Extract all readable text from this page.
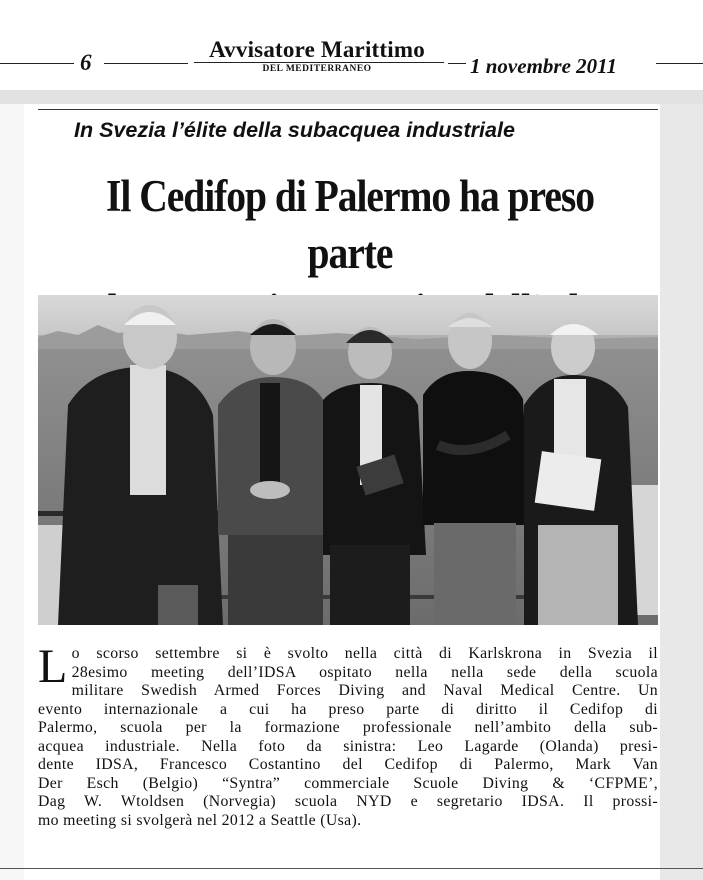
6
Avvisatore Marittimo
DEL MEDITERRANEO	1 novembre 2011
In Svezia l’élite della subacquea industriale
Il Cedifop di Palermo ha preso parte
L o scorso settembre si è svolto nella città di Karlskrona in Svezia il
28esimo meeting dell’IDSA ospitato nella nella sede della scuola
militare Swedish Armed Forces Diving and Naval Medical Centre. Un
evento internazionale a cui ha preso parte di diritto il Cedifop di
Palermo, scuola per la formazione professionale nell’ambito della sub-
acquea industriale. Nella foto da sinistra: Leo Lagarde (Olanda) presi-
dente IDSA, Francesco Costantino del Cedifop di Palermo, Mark Van
Der Esch (Belgio) “Syntra” commerciale Scuole Diving & ‘CFPME’,
Dag W. Wtoldsen (Norvegia) scuola NYD e segretario IDSA. Il prossi-
mo meeting si svolgerà nel 2012 a Seattle (Usa).
